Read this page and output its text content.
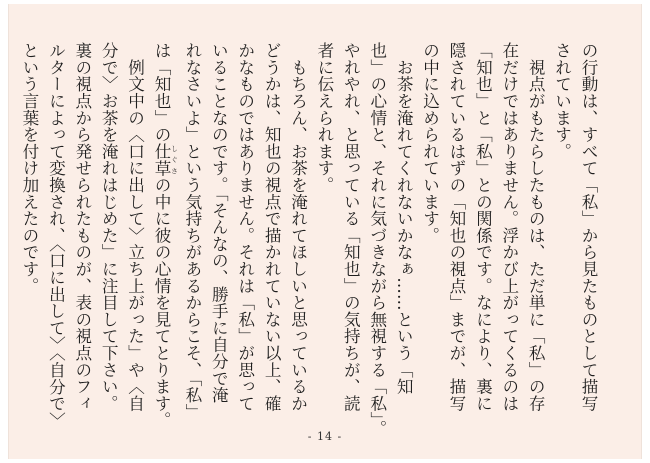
の行動は、すべて「私」から見たものとして描写
されています。
　視点がもたらしたものは、ただ単に「私」の存
在だけではありません。浮かび上がってくるのは
「知也」と「私」との関係です。なにより、裏に
隠されているはずの「知也の視点」までが、描写
の中に込められています。
　お茶を淹れてくれないかなぁ……という「知
也」の心情と、それに気づきながら無視する「私」。
やれやれ、と思っている「知也」の気持ちが、読
者に伝えられます。
　もちろん、お茶を淹れてほしいと思っているか
どうかは、知也の視点で描かれていない以上、確
かなものではありません。それは「私」が思って
いることなのです。「そんなの、勝手に自分で淹
れなさいよ」という気持ちがあるからこそ、「私」
は「知也」の仕草 しぐさの中に彼の心情を見てとります。
　例文中の〈口に出して〉立ち上がった」や〈自
分で〉お茶を淹れはじめた」に注目して下さい。
裏の視点から発せられたものが、表の視点のフィ
ルターによって変換され、〈口に出して〉〈自分で〉
という言葉を付け加えたのです。
- 14 -
